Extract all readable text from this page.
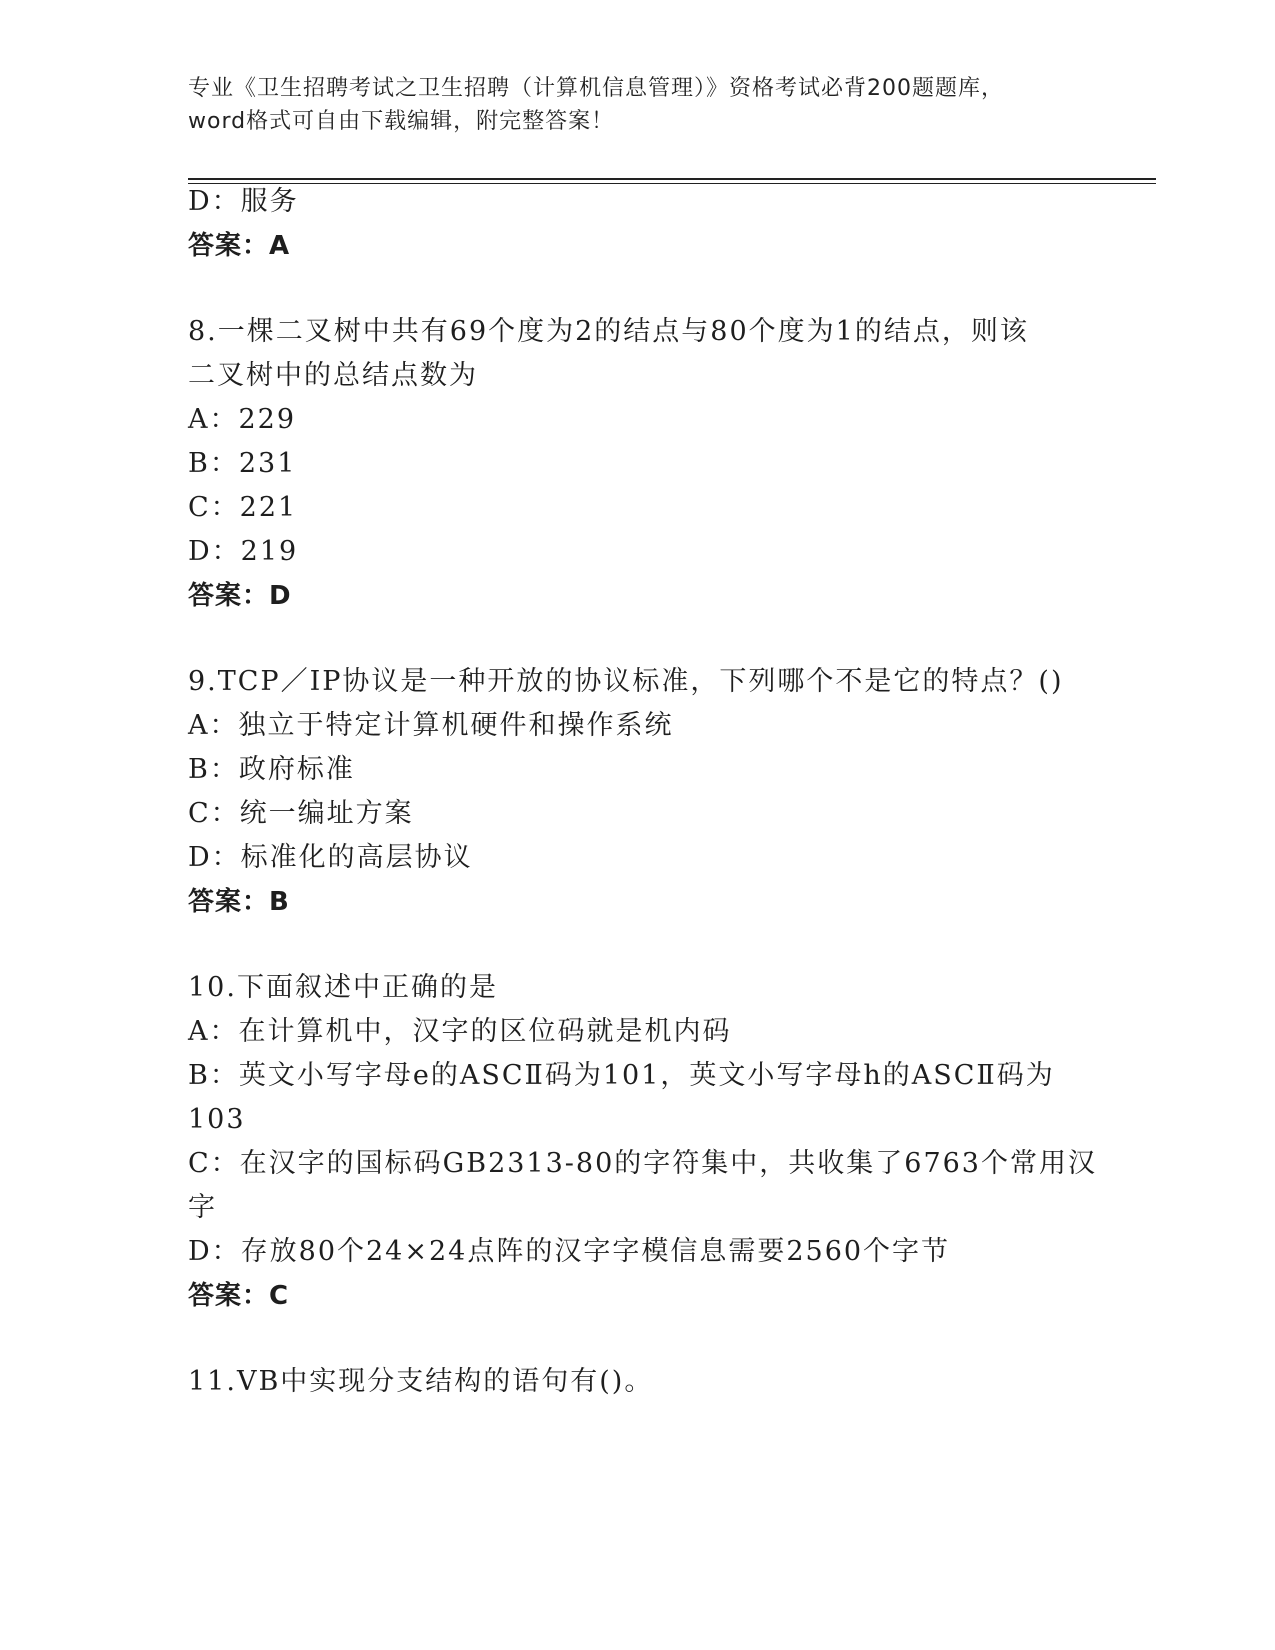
专业《卫生招聘考试之卫生招聘（计算机信息管理）》资格考试必背200题题库，
word格式可自由下载编辑，附完整答案！
D：服务
答案：A
8.一棵二叉树中共有69个度为2的结点与80个度为1的结点，则该
二叉树中的总结点数为
A：229
B：231
C：221
D：219
答案：D
9.TCP／IP协议是一种开放的协议标准，下列哪个不是它的特点？()
A：独立于特定计算机硬件和操作系统
B：政府标准
C：统一编址方案
D：标准化的高层协议
答案：B
10.下面叙述中正确的是
A：在计算机中，汉字的区位码就是机内码
B：英文小写字母e的ASCⅡ码为101，英文小写字母h的ASCⅡ码为
103
C：在汉字的国标码GB2313-80的字符集中，共收集了6763个常用汉
字
D：存放80个24×24点阵的汉字字模信息需要2560个字节
答案：C
11.VB中实现分支结构的语句有()。
